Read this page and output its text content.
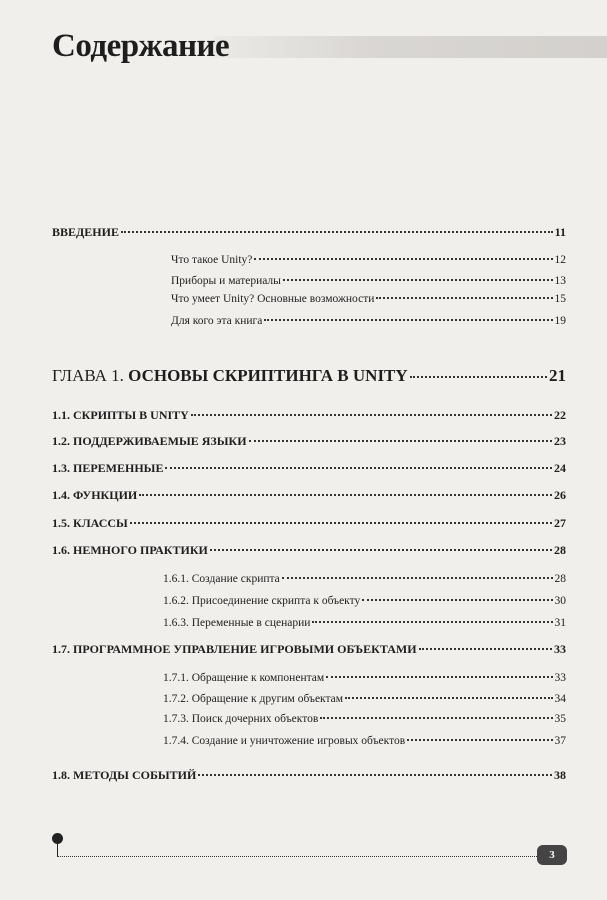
Содержание
ВВЕДЕНИЕ	11
Что такое Unity?	12
Приборы и материалы	13
Что умеет Unity? Основные возможности	15
Для кого эта книга	19
ГЛАВА 1. ОСНОВЫ СКРИПТИНГА В UNITY	21
1.1. СКРИПТЫ В UNITY	22
1.2. ПОДДЕРЖИВАЕМЫЕ ЯЗЫКИ	23
1.3. ПЕРЕМЕННЫЕ	24
1.4. ФУНКЦИИ	26
1.5. КЛАССЫ	27
1.6. НЕМНОГО ПРАКТИКИ	28
1.6.1. Создание скрипта	28
1.6.2. Присоединение скрипта к объекту	30
1.6.3. Переменные в сценарии	31
1.7. ПРОГРАММНОЕ УПРАВЛЕНИЕ ИГРОВЫМИ ОБЪЕКТАМИ	33
1.7.1. Обращение к компонентам	33
1.7.2. Обращение к другим объектам	34
1.7.3. Поиск дочерних объектов	35
1.7.4. Создание и уничтожение игровых объектов	37
1.8. МЕТОДЫ СОБЫТИЙ	38
3
